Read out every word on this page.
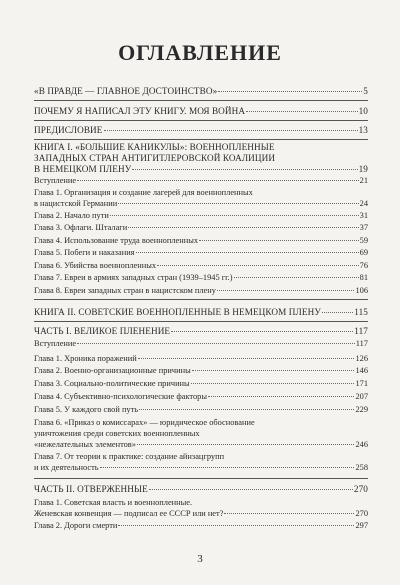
ОГЛАВЛЕНИЕ
«В ПРАВДЕ — ГЛАВНОЕ ДОСТОИНСТВО»	5
ПОЧЕМУ Я НАПИСАЛ ЭТУ КНИГУ. МОЯ ВОЙНА	10
ПРЕДИСЛОВИЕ	13
КНИГА I. «БОЛЬШИЕ КАНИКУЛЫ»: ВОЕННОПЛЕННЫЕ
ЗАПАДНЫХ СТРАН АНТИГИТЛЕРОВСКОЙ КОАЛИЦИИ
В НЕМЕЦКОМ ПЛЕНУ	19
Вступление	21
Глава 1. Организация и создание лагерей для военнопленных
в нацистской Германии	24
Глава 2. Начало пути	31
Глава 3. Офлаги. Шталаги	37
Глава 4. Использование труда военнопленных	59
Глава 5. Побеги и наказания	69
Глава 6. Убийства военнопленных	76
Глава 7. Евреи в армиях западных стран (1939–1945 гг.)	81
Глава 8. Евреи западных стран в нацистском плену	106
КНИГА II. СОВЕТСКИЕ ВОЕННОПЛЕННЫЕ В НЕМЕЦКОМ ПЛЕНУ	115
ЧАСТЬ I. ВЕЛИКОЕ ПЛЕНЕНИЕ	117
Вступление	117
Глава 1. Хроника поражений	126
Глава 2. Военно-организационные причины	146
Глава 3. Социально-политические причины	171
Глава 4. Субъективно-психологические факторы	207
Глава 5. У каждого свой путь	229
Глава 6. «Приказ о комиссарах» — юридическое обоснование
уничтожения среди советских военнопленных
«нежелательных элементов»	246
Глава 7. От теории к практике: создание айнзацгрупп
и их деятельность	258
ЧАСТЬ II. ОТВЕРЖЕННЫЕ	270
Глава 1. Советская власть и военнопленные.
Женевская конвенция — подписал ее СССР или нет?	270
Глава 2. Дороги смерти	297
3
